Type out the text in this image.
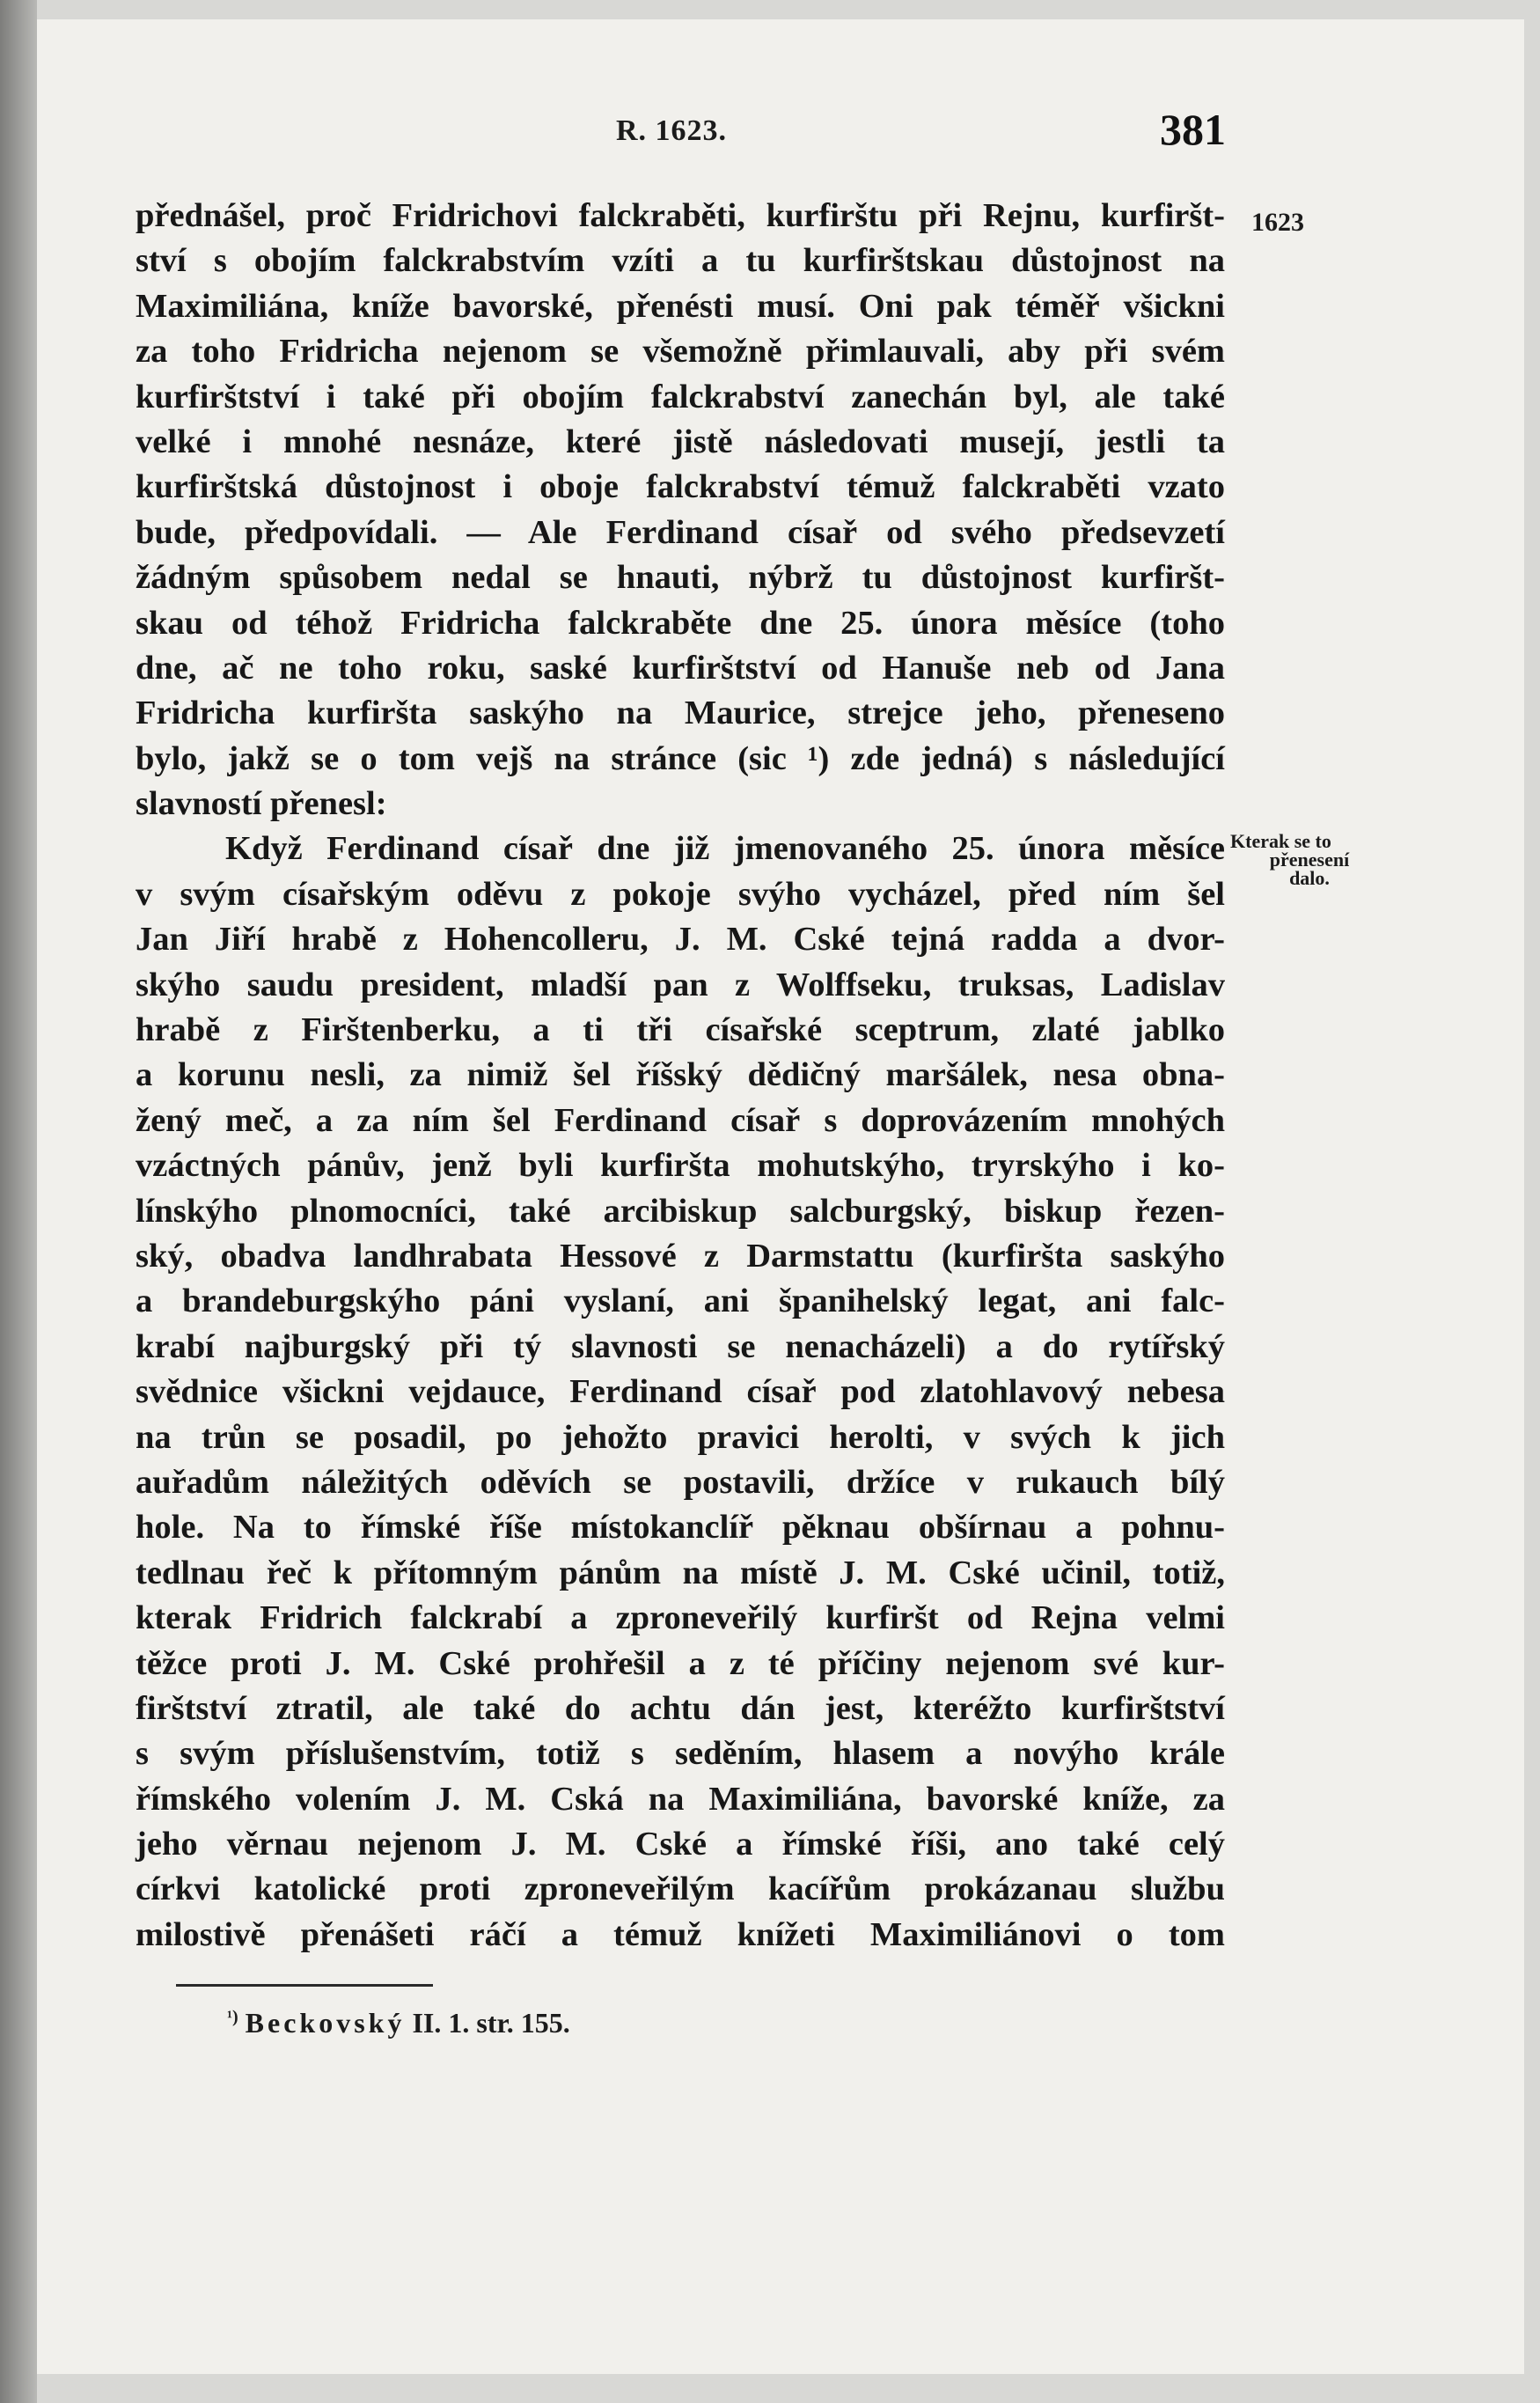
R. 1623.	381
1623
Kterak se to
přenesení
dalo.
přednášel, proč Fridrichovi falckraběti, kurfirštu při Rejnu, kurfiršt-
ství s obojím falckrabstvím vzíti a tu kurfirštskau důstojnost na
Maximiliána, kníže bavorské, přenésti musí. Oni pak téměř všickni
za toho Fridricha nejenom se všemožně přimlauvali, aby při svém
kurfirštství i také při obojím falckrabství zanechán byl, ale také
velké i mnohé nesnáze, které jistě následovati musejí, jestli ta
kurfirštská důstojnost i oboje falckrabství témuž falckraběti vzato
bude, předpovídali. — Ale Ferdinand císař od svého předsevzetí
žádným spůsobem nedal se hnauti, nýbrž tu důstojnost kurfiršt-
skau od téhož Fridricha falckraběte dne 25. února měsíce (toho
dne, ač ne toho roku, saské kurfirštství od Hanuše neb od Jana
Fridricha kurfiršta saskýho na Maurice, strejce jeho, přeneseno
bylo, jakž se o tom vejš na stránce (sic ¹) zde jedná) s následující
slavností přenesl:
Když Ferdinand císař dne již jmenovaného 25. února měsíce
v svým císařským oděvu z pokoje svýho vycházel, před ním šel
Jan Jiří hrabě z Hohencolleru, J. M. Cské tejná radda a dvor-
skýho saudu president, mladší pan z Wolffseku, truksas, Ladislav
hrabě z Firštenberku, a ti tři císařské sceptrum, zlaté jablko
a korunu nesli, za nimiž šel říšský dědičný maršálek, nesa obna-
žený meč, a za ním šel Ferdinand císař s doprovázením mnohých
vzáctných pánův, jenž byli kurfiršta mohutskýho, tryrskýho i ko-
línskýho plnomocníci, také arcibiskup salcburgský, biskup řezen-
ský, obadva landhrabata Hessové z Darmstattu (kurfiršta saskýho
a brandeburgskýho páni vyslaní, ani španihelský legat, ani falc-
krabí najburgský při tý slavnosti se nenacházeli) a do rytířský
svědnice všickni vejdauce, Ferdinand císař pod zlatohlavový nebesa
na trůn se posadil, po jehožto pravici herolti, v svých k jich
auřadům náležitých oděvích se postavili, držíce v rukauch bílý
hole. Na to římské říše místokanclíř pěknau obšírnau a pohnu-
tedlnau řeč k přítomným pánům na místě J. M. Cské učinil, totiž,
kterak Fridrich falckrabí a zproneveřilý kurfiršt od Rejna velmi
těžce proti J. M. Cské prohřešil a z té příčiny nejenom své kur-
firštství ztratil, ale také do achtu dán jest, kteréžto kurfirštství
s svým příslušenstvím, totiž s seděním, hlasem a novýho krále
římského volením J. M. Cská na Maximiliána, bavorské kníže, za
jeho věrnau nejenom J. M. Cské a římské říši, ano také celý
církvi katolické proti zproneveřilým kacířům prokázanau službu
milostivě přenášeti ráčí a témuž knížeti Maximiliánovi o tom
$^{^1)}$ Beckovský II. 1. str. 155.
